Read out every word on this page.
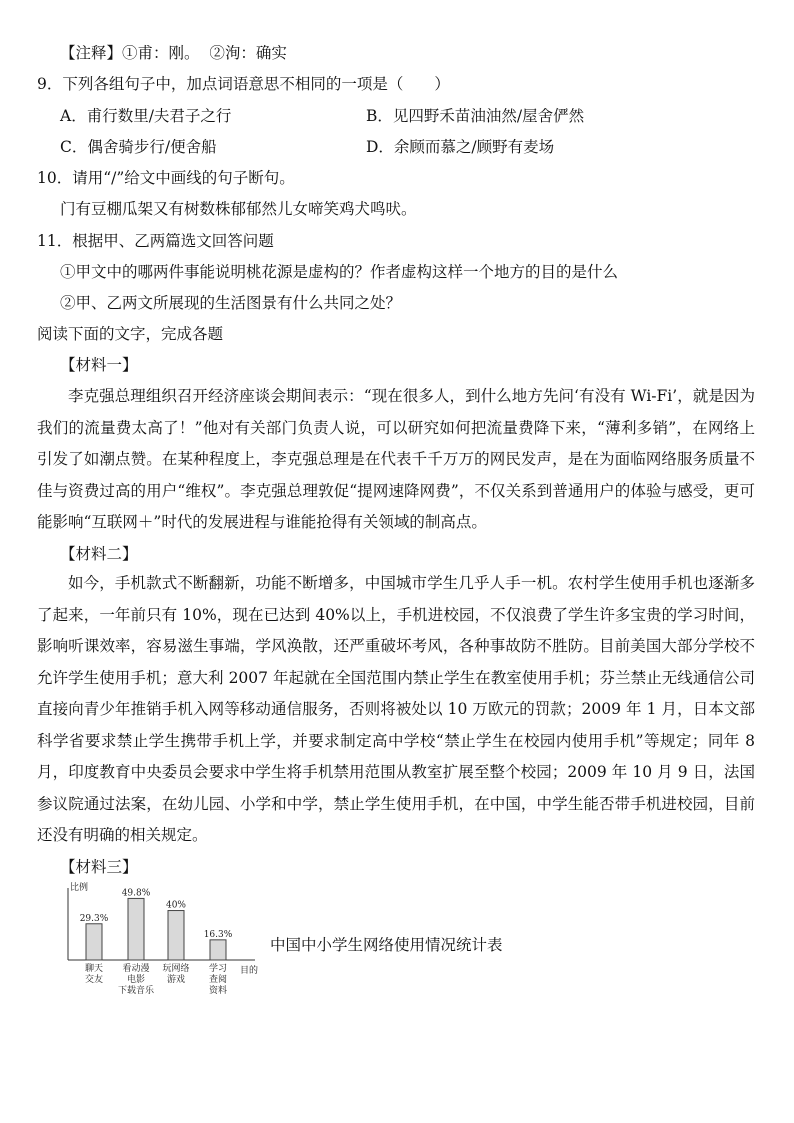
【注释】①甫：刚。 ②洵：确实
9．下列各组句子中，加点词语意思不相同的一项是（　　）
A．甫行数里/夫君子之行	B．见四野禾苗油油然/屋舍俨然
C．偶舍骑步行/便舍船	D．余顾而慕之/顾野有麦场
10．请用“/”给文中画线的句子断句。
门有豆棚瓜架又有树数株郁郁然儿女啼笑鸡犬鸣吠。
11．根据甲、乙两篇选文回答问题
①甲文中的哪两件事能说明桃花源是虚构的？作者虚构这样一个地方的目的是什么
②甲、乙两文所展现的生活图景有什么共同之处？
阅读下面的文字，完成各题
【材料一】
李克强总理组织召开经济座谈会期间表示：“现在很多人，到什么地方先问‘有没有 Wi-Fi’，就是因为我们的流量费太高了！”他对有关部门负责人说，可以研究如何把流量费降下来，“薄利多销”，在网络上引发了如潮点赞。在某种程度上，李克强总理是在代表千千万万的网民发声，是在为面临网络服务质量不佳与资费过高的用户“维权”。李克强总理敦促“提网速降网费”，不仅关系到普通用户的体验与感受，更可能影响“互联网＋”时代的发展进程与谁能抢得有关领域的制高点。
【材料二】
如今，手机款式不断翻新，功能不断增多，中国城市学生几乎人手一机。农村学生使用手机也逐渐多了起来，一年前只有 10%，现在已达到 40%以上，手机进校园，不仅浪费了学生许多宝贵的学习时间，影响听课效率，容易滋生事端，学风涣散，还严重破坏考风，各种事故防不胜防。目前美国大部分学校不允许学生使用手机；意大利 2007 年起就在全国范围内禁止学生在教室使用手机；芬兰禁止无线通信公司直接向青少年推销手机入网等移动通信服务，否则将被处以 10 万欧元的罚款；2009 年 1 月，日本文部科学省要求禁止学生携带手机上学，并要求制定高中学校“禁止学生在校园内使用手机”等规定；同年 8 月，印度教育中央委员会要求中学生将手机禁用范围从教室扩展至整个校园；2009 年 10 月 9 日，法国参议院通过法案，在幼儿园、小学和中学，禁止学生使用手机，在中国，中学生能否带手机进校园，目前还没有明确的相关规定。
【材料三】
比例
目的
29.3%
聊天
交友
49.8%
看动漫
电影
下载音乐
40%
玩网络
游戏
16.3%
学习
查阅
资料
中国中小学生网络使用情况统计表
